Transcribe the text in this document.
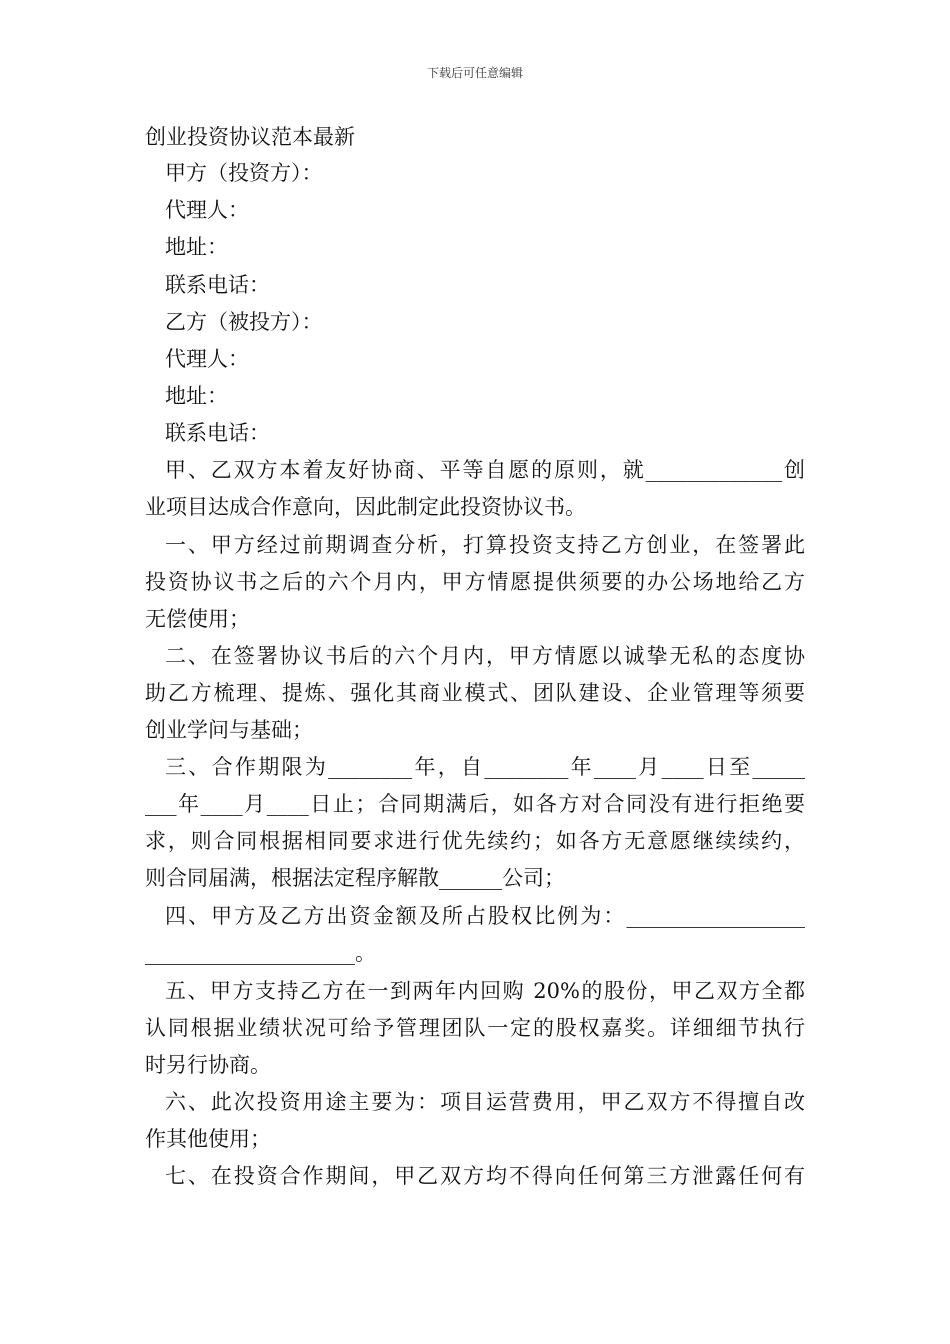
下载后可任意编辑
创业投资协议范本最新
甲方（投资方）：
代理人：
地址：
联系电话：
乙方（被投方）：
代理人：
地址：
联系电话：
甲、乙双方本着友好协商、平等自愿的原则，就_____________创
业项目达成合作意向，因此制定此投资协议书。
一、甲方经过前期调查分析，打算投资支持乙方创业，在签署此
投资协议书之后的六个月内，甲方情愿提供须要的办公场地给乙方
无偿使用；
二、在签署协议书后的六个月内，甲方情愿以诚挚无私的态度协
助乙方梳理、提炼、强化其商业模式、团队建设、企业管理等须要
创业学问与基础；
三、合作期限为________年，自________年____月____日至_____
___年____月____日止；合同期满后，如各方对合同没有进行拒绝要
求，则合同根据相同要求进行优先续约；如各方无意愿继续续约，
则合同届满，根据法定程序解散______公司；
四、甲方及乙方出资金额及所占股权比例为：_________________
____________________。
五、甲方支持乙方在一到两年内回购 20%的股份，甲乙双方全都
认同根据业绩状况可给予管理团队一定的股权嘉奖。详细细节执行
时另行协商。
六、此次投资用途主要为：项目运营费用，甲乙双方不得擅自改
作其他使用；
七、在投资合作期间，甲乙双方均不得向任何第三方泄露任何有
